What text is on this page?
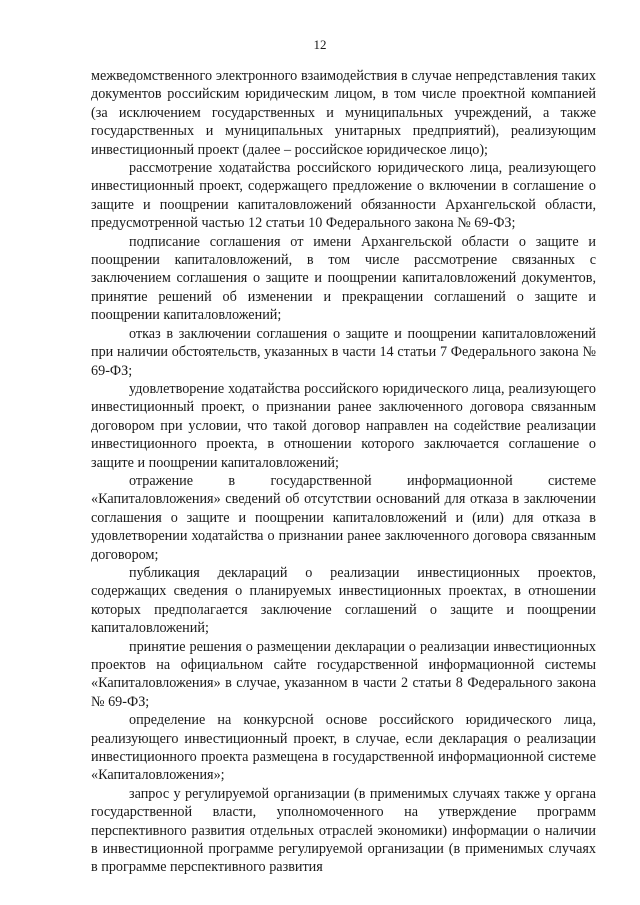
12

межведомственного электронного взаимодействия в случае непредставления таких документов российским юридическим лицом, в том числе проектной компанией (за исключением государственных и муниципальных учреждений, а также государственных и муниципальных унитарных предприятий), реализующим инвестиционный проект (далее – российское юридическое лицо);

рассмотрение ходатайства российского юридического лица, реализующего инвестиционный проект, содержащего предложение о включении в соглашение о защите и поощрении капиталовложений обязанности Архангельской области, предусмотренной частью 12 статьи 10 Федерального закона № 69-ФЗ;

подписание соглашения от имени Архангельской области о защите и поощрении капиталовложений, в том числе рассмотрение связанных с заключением соглашения о защите и поощрении капиталовложений документов, принятие решений об изменении и прекращении соглашений о защите и поощрении капиталовложений;

отказ в заключении соглашения о защите и поощрении капиталовложений при наличии обстоятельств, указанных в части 14 статьи 7 Федерального закона № 69-ФЗ;

удовлетворение ходатайства российского юридического лица, реализующего инвестиционный проект, о признании ранее заключенного договора связанным договором при условии, что такой договор направлен на содействие реализации инвестиционного проекта, в отношении которого заключается соглашение о защите и поощрении капиталовложений;

отражение в государственной информационной системе «Капиталовложения» сведений об отсутствии оснований для отказа в заключении соглашения о защите и поощрении капиталовложений и (или) для отказа в удовлетворении ходатайства о признании ранее заключенного договора связанным договором;

публикация деклараций о реализации инвестиционных проектов, содержащих сведения о планируемых инвестиционных проектах, в отношении которых предполагается заключение соглашений о защите и поощрении капиталовложений;

принятие решения о размещении декларации о реализации инвестиционных проектов на официальном сайте государственной информационной системы «Капиталовложения» в случае, указанном в части 2 статьи 8 Федерального закона № 69-ФЗ;

определение на конкурсной основе российского юридического лица, реализующего инвестиционный проект, в случае, если декларация о реализации инвестиционного проекта размещена в государственной информационной системе «Капиталовложения»;

запрос у регулируемой организации (в применимых случаях также у органа государственной власти, уполномоченного на утверждение программ перспективного развития отдельных отраслей экономики) информации о наличии в инвестиционной программе регулируемой организации (в применимых случаях в программе перспективного развития
